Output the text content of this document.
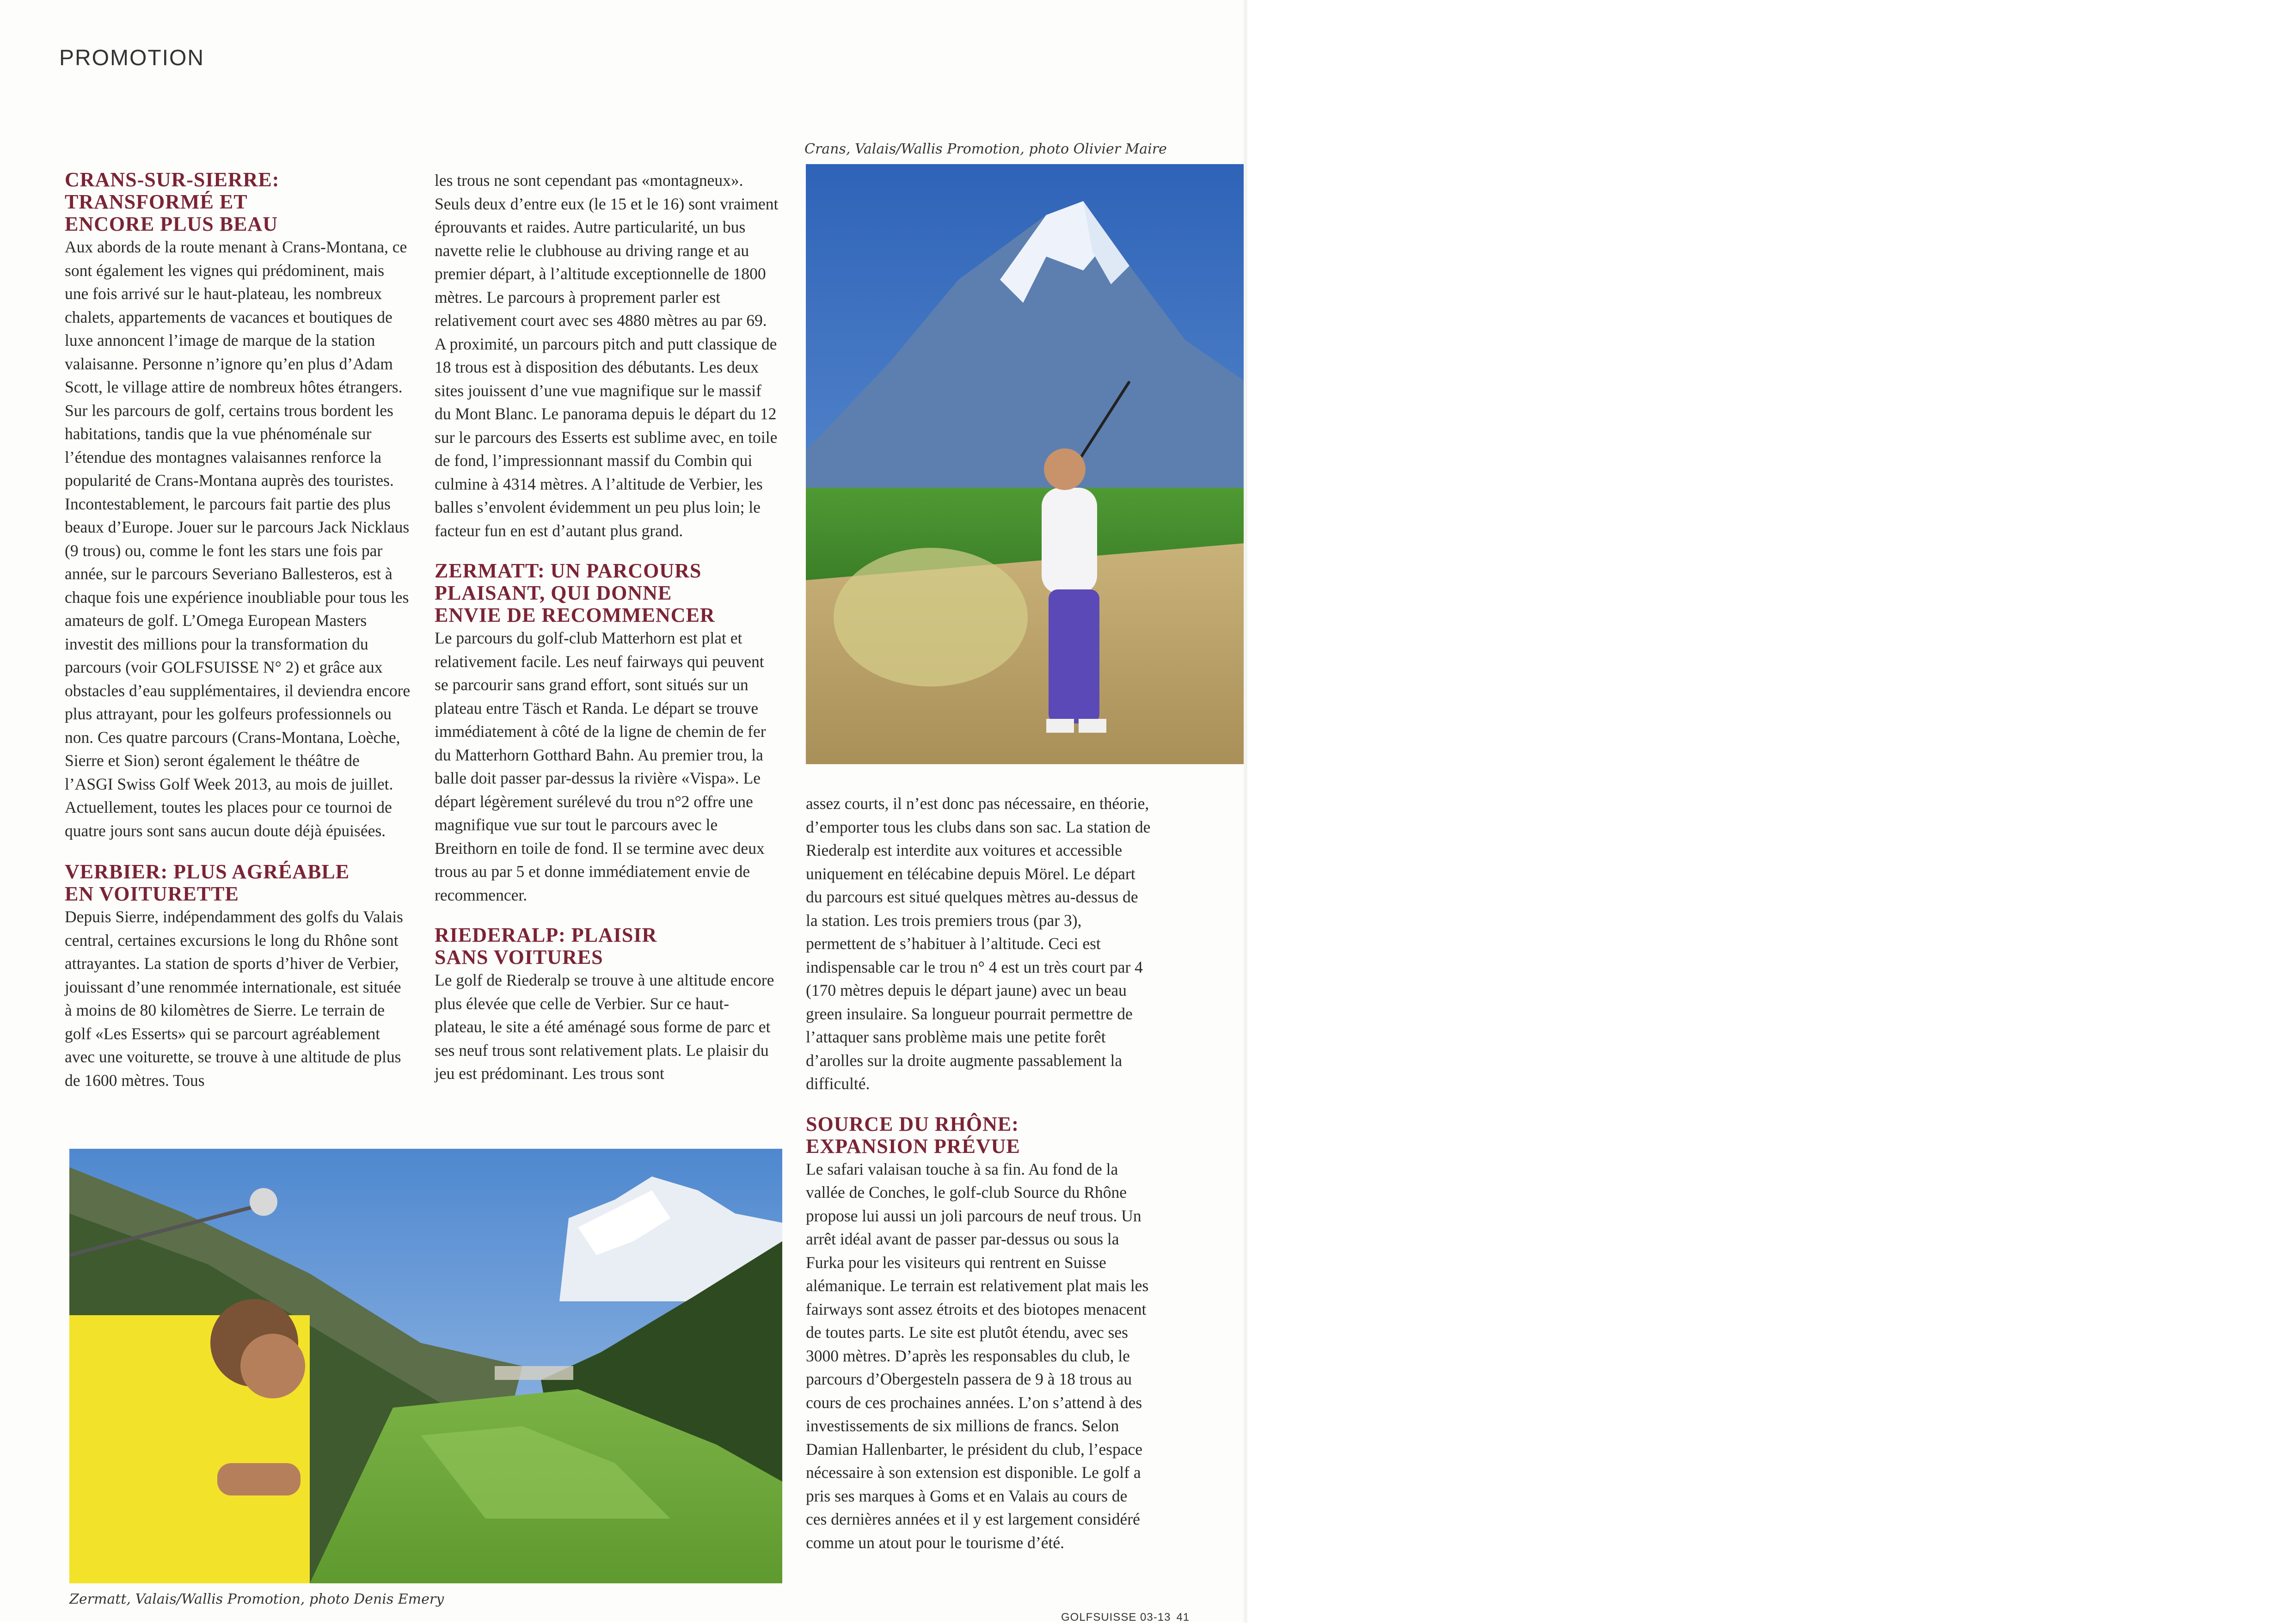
PROMOTION
CRANS-SUR-SIERRE:
TRANSFORMÉ ET
ENCORE PLUS BEAU

Aux abords de la route menant à Crans-Montana, ce sont également les vignes qui prédominent, mais une fois arrivé sur le haut-plateau, les nombreux chalets, appartements de vacances et boutiques de luxe annoncent l’image de marque de la station valaisanne. Personne n’ignore qu’en plus d’Adam Scott, le village attire de nombreux hôtes étrangers. Sur les parcours de golf, certains trous bordent les habitations, tandis que la vue phénoménale sur l’étendue des montagnes valaisannes renforce la popularité de Crans-Montana auprès des touristes. Incontestablement, le parcours fait partie des plus beaux d’Europe. Jouer sur le parcours Jack Nicklaus (9 trous) ou, comme le font les stars une fois par année, sur le parcours Severiano Ballesteros, est à chaque fois une expérience inoubliable pour tous les amateurs de golf. L’Omega European Masters investit des millions pour la transformation du parcours (voir GOLFSUISSE N° 2) et grâce aux obstacles d’eau supplémentaires, il deviendra encore plus attrayant, pour les golfeurs professionnels ou non. Ces quatre parcours (Crans-Montana, Loèche, Sierre et Sion) seront également le théâtre de l’ASGI Swiss Golf Week 2013, au mois de juillet. Actuellement, toutes les places pour ce tournoi de quatre jours sont sans aucun doute déjà épuisées.

VERBIER: PLUS AGRÉABLE
EN VOITURETTE

Depuis Sierre, indépendamment des golfs du Valais central, certaines excursions le long du Rhône sont attrayantes. La station de sports d’hiver de Verbier, jouissant d’une renommée internationale, est située à moins de 80 kilomètres de Sierre. Le terrain de golf «Les Esserts» qui se parcourt agréablement avec une voiturette, se trouve à une altitude de plus de 1600 mètres. Tous

les trous ne sont cependant pas «montagneux». Seuls deux d’entre eux (le 15 et le 16) sont vraiment éprouvants et raides. Autre particularité, un bus navette relie le clubhouse au driving range et au premier départ, à l’altitude exceptionnelle de 1800 mètres. Le parcours à proprement parler est relativement court avec ses 4880 mètres au par 69. A proximité, un parcours pitch and putt classique de 18 trous est à disposition des débutants. Les deux sites jouissent d’une vue magnifique sur le massif du Mont Blanc. Le panorama depuis le départ du 12 sur le parcours des Esserts est sublime avec, en toile de fond, l’impressionnant massif du Combin qui culmine à 4314 mètres. A l’altitude de Verbier, les balles s’envolent évidemment un peu plus loin; le facteur fun en est d’autant plus grand.

ZERMATT: UN PARCOURS
PLAISANT, QUI DONNE
ENVIE DE RECOMMENCER

Le parcours du golf-club Matterhorn est plat et relativement facile. Les neuf fairways qui peuvent se parcourir sans grand effort, sont situés sur un plateau entre Täsch et Randa. Le départ se trouve immédiatement à côté de la ligne de chemin de fer du Matterhorn Gotthard Bahn. Au premier trou, la balle doit passer par-dessus la rivière «Vispa». Le départ légèrement surélevé du trou n°2 offre une magnifique vue sur tout le parcours avec le Breithorn en toile de fond. Il se termine avec deux trous au par 5 et donne immédiatement envie de recommencer.

RIEDERALP: PLAISIR
SANS VOITURES

Le golf de Riederalp se trouve à une altitude encore plus élevée que celle de Verbier. Sur ce haut-plateau, le site a été aménagé sous forme de parc et ses neuf trous sont relativement plats. Le plaisir du jeu est prédominant. Les trous sont

Crans, Valais/Wallis Promotion, photo Olivier Maire

assez courts, il n’est donc pas nécessaire, en théorie, d’emporter tous les clubs dans son sac. La station de Riederalp est interdite aux voitures et accessible uniquement en télécabine depuis Mörel. Le départ du parcours est situé quelques mètres au-dessus de la station. Les trois premiers trous (par 3), permettent de s’habituer à l’altitude. Ceci est indispensable car le trou n° 4 est un très court par 4 (170 mètres depuis le départ jaune) avec un beau green insulaire. Sa longueur pourrait permettre de l’attaquer sans problème mais une petite forêt d’arolles sur la droite augmente passablement la difficulté.

SOURCE DU RHÔNE:
EXPANSION PRÉVUE

Le safari valaisan touche à sa fin. Au fond de la vallée de Conches, le golf-club Source du Rhône propose lui aussi un joli parcours de neuf trous. Un arrêt idéal avant de passer par-dessus ou sous la Furka pour les visiteurs qui rentrent en Suisse alémanique. Le terrain est relativement plat mais les fairways sont assez étroits et des biotopes menacent de toutes parts. Le site est plutôt étendu, avec ses 3000 mètres. D’après les responsables du club, le parcours d’Obergesteln passera de 9 à 18 trous au cours de ces prochaines années. L’on s’attend à des investissements de six millions de francs. Selon Damian Hallenbarter, le président du club, l’espace nécessaire à son extension est disponible. Le golf a pris ses marques à Goms et en Valais au cours de ces dernières années et il y est largement considéré comme un atout pour le tourisme d’été.

Zermatt, Valais/Wallis Promotion, photo Denis Emery
GOLFSUISSE 03-13 41
